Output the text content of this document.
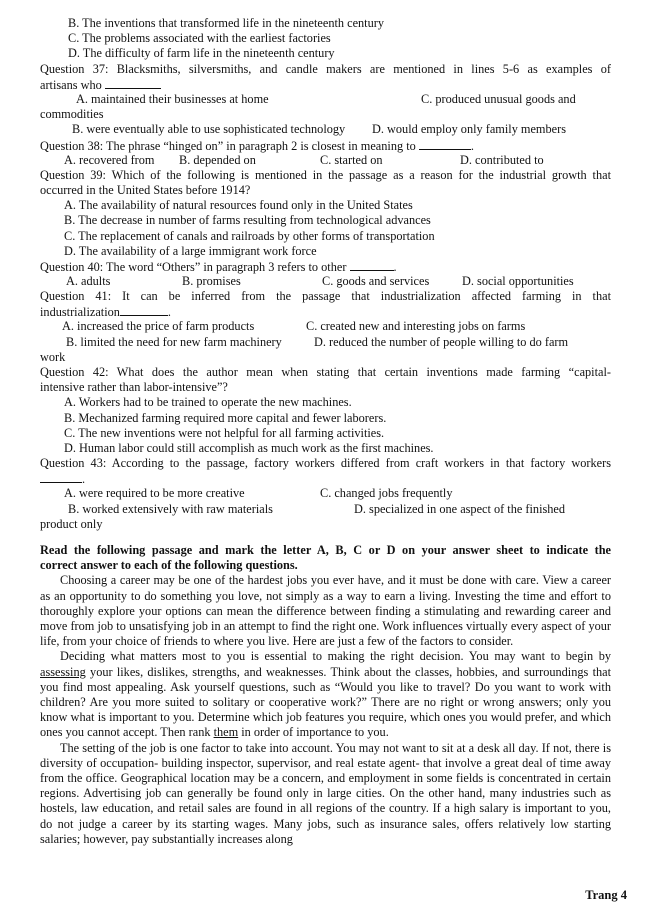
B. The inventions that transformed life in the nineteenth century
C. The problems associated with the earliest factories
D. The difficulty of farm life in the nineteenth century
Question 37: Blacksmiths, silversmiths, and candle makers are mentioned in lines 5-6 as examples of
artisans who
A. maintained their businesses at home	C. produced unusual goods and
commodities
B. were eventually able to use sophisticated technology	D. would employ only family members
Question 38: The phrase “hinged on” in paragraph 2 is closest in meaning to	.
A. recovered from	B. depended on	C. started on	D. contributed to
Question 39: Which of the following is mentioned in the passage as a reason for the industrial growth that
occurred in the United States before 1914?
A. The availability of natural resources found only in the United States
B. The decrease in number of farms resulting from technological advances
C. The replacement of canals and railroads by other forms of transportation
D. The availability of a large immigrant work force
Question 40: The word “Others” in paragraph 3 refers to other	.
A. adults	B. promises	C. goods and services	D. social opportunities
Question 41: It can be inferred from the passage that industrialization affected farming in that
industrialization	.
A. increased the price of farm products	C. created new and interesting jobs on farms
B. limited the need for new farm machinery	D. reduced the number of people willing to do farm
work
Question 42: What does the author mean when stating that certain inventions made farming “capital-
intensive rather than labor-intensive”?
A. Workers had to be trained to operate the new machines.
B. Mechanized farming required more capital and fewer laborers.
C. The new inventions were not helpful for all farming activities.
D. Human labor could still accomplish as much work as the first machines.
Question 43: According to the passage, factory workers differed from craft workers in that factory workers
.
A. were required to be more creative	C. changed jobs frequently
B. worked extensively with raw materials	D. specialized in one aspect of the finished
product only
Read the following passage and mark the letter A, B, C or D on your answer sheet to indicate the
correct answer to each of the following questions.

Choosing a career may be one of the hardest jobs you ever have, and it must be done with care. View a career as an opportunity to do something you love, not simply as a way to earn a living. Investing the time and effort to thoroughly explore your options can mean the difference between finding a stimulating and rewarding career and move from job to unsatisfying job in an attempt to find the right one. Work influences virtually every aspect of your life, from your choice of friends to where you live. Here are just a few of the factors to consider.

Deciding what matters most to you is essential to making the right decision. You may want to begin by assessing your likes, dislikes, strengths, and weaknesses. Think about the classes, hobbies, and surroundings that you find most appealing. Ask yourself questions, such as “Would you like to travel? Do you want to work with children? Are you more suited to solitary or cooperative work?” There are no right or wrong answers; only you know what is important to you. Determine which job features you require, which ones you would prefer, and which ones you cannot accept. Then rank them in order of importance to you.

The setting of the job is one factor to take into account. You may not want to sit at a desk all day. If not, there is diversity of occupation- building inspector, supervisor, and real estate agent- that involve a great deal of time away from the office. Geographical location may be a concern, and employment in some fields is concentrated in certain regions. Advertising job can generally be found only in large cities. On the other hand, many industries such as hostels, law education, and retail sales are found in all regions of the country. If a high salary is important to you, do not judge a career by its starting wages. Many jobs, such as insurance sales, offers relatively low starting salaries; however, pay substantially increases along

Trang 4
